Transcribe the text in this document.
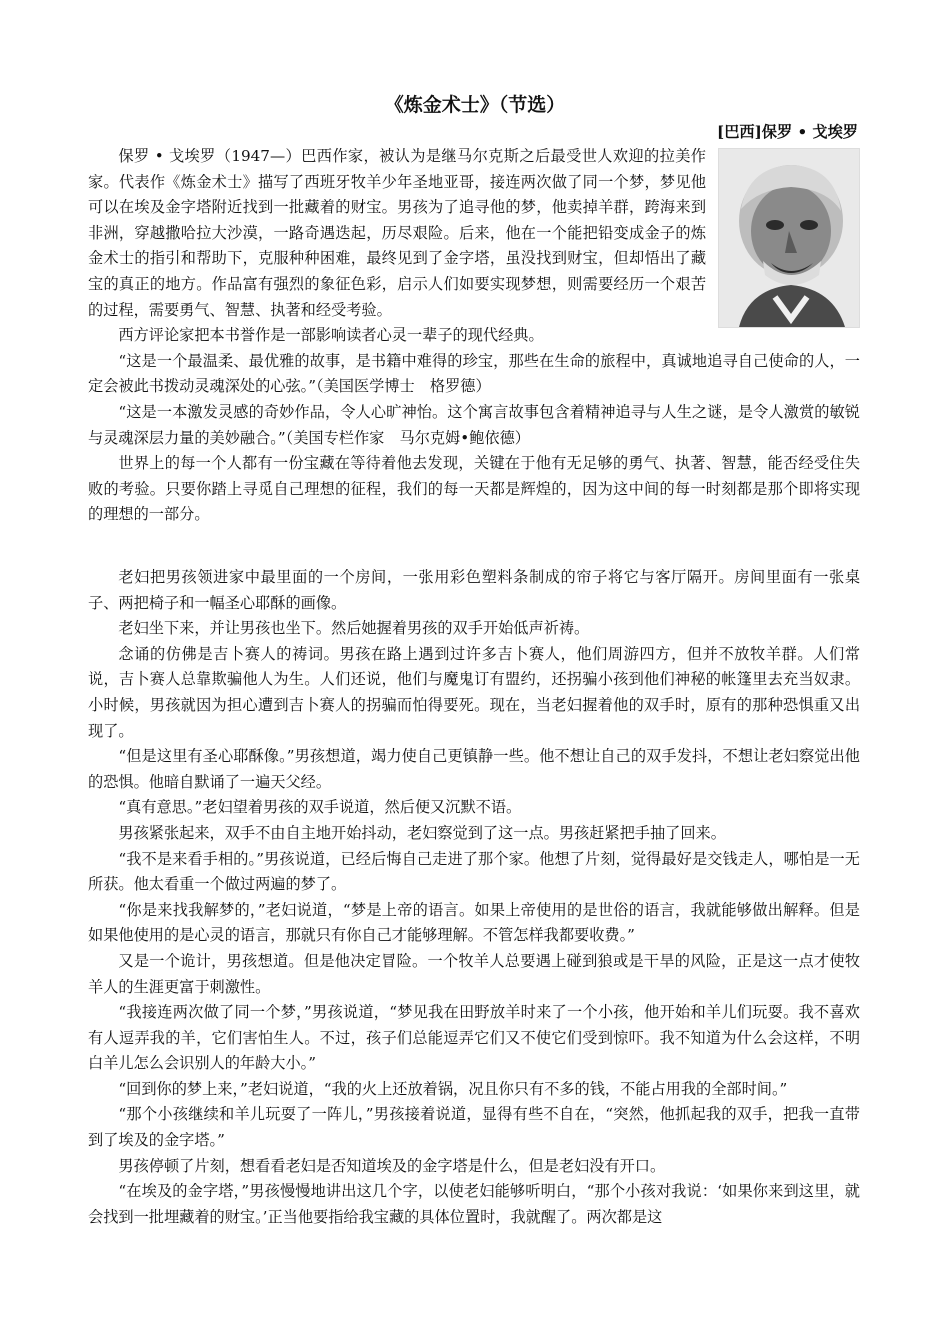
《炼金术士》（节选）
[巴西]保罗 • 戈埃罗

保罗 • 戈埃罗（1947—）巴西作家，被认为是继马尔克斯之后最受世人欢迎的拉美作家。代表作《炼金术士》描写了西班牙牧羊少年圣地亚哥，接连两次做了同一个梦，梦见他可以在埃及金字塔附近找到一批藏着的财宝。男孩为了追寻他的梦，他卖掉羊群，跨海来到非洲，穿越撒哈拉大沙漠，一路奇遇迭起，历尽艰险。后来，他在一个能把铅变成金子的炼金术士的指引和帮助下，克服种种困难，最终见到了金字塔，虽没找到财宝，但却悟出了藏宝的真正的地方。作品富有强烈的象征色彩，启示人们如要实现梦想，则需要经历一个艰苦的过程，需要勇气、智慧、执著和经受考验。

西方评论家把本书誉作是一部影响读者心灵一辈子的现代经典。

“这是一个最温柔、最优雅的故事，是书籍中难得的珍宝，那些在生命的旅程中，真诚地追寻自己使命的人，一定会被此书拨动灵魂深处的心弦。”（美国医学博士　格罗德）

“这是一本激发灵感的奇妙作品，令人心旷神怡。这个寓言故事包含着精神追寻与人生之谜，是令人激赏的敏锐与灵魂深层力量的美妙融合。”（美国专栏作家　马尔克姆•鲍依德）

世界上的每一个人都有一份宝藏在等待着他去发现，关键在于他有无足够的勇气、执著、智慧，能否经受住失败的考验。只要你踏上寻觅自己理想的征程，我们的每一天都是辉煌的，因为这中间的每一时刻都是那个即将实现的理想的一部分。

老妇把男孩领进家中最里面的一个房间，一张用彩色塑料条制成的帘子将它与客厅隔开。房间里面有一张桌子、两把椅子和一幅圣心耶酥的画像。

老妇坐下来，并让男孩也坐下。然后她握着男孩的双手开始低声祈祷。

念诵的仿佛是吉卜赛人的祷词。男孩在路上遇到过许多吉卜赛人，他们周游四方，但并不放牧羊群。人们常说，吉卜赛人总靠欺骗他人为生。人们还说，他们与魔鬼订有盟约，还拐骗小孩到他们神秘的帐篷里去充当奴隶。小时候，男孩就因为担心遭到吉卜赛人的拐骗而怕得要死。现在，当老妇握着他的双手时，原有的那种恐惧重又出现了。

“但是这里有圣心耶酥像。”男孩想道，竭力使自己更镇静一些。他不想让自己的双手发抖，不想让老妇察觉出他的恐惧。他暗自默诵了一遍天父经。

“真有意思。”老妇望着男孩的双手说道，然后便又沉默不语。

男孩紧张起来，双手不由自主地开始抖动，老妇察觉到了这一点。男孩赶紧把手抽了回来。

“我不是来看手相的。”男孩说道，已经后悔自己走进了那个家。他想了片刻，觉得最好是交钱走人，哪怕是一无所获。他太看重一个做过两遍的梦了。

“你是来找我解梦的，”老妇说道，“梦是上帝的语言。如果上帝使用的是世俗的语言，我就能够做出解释。但是如果他使用的是心灵的语言，那就只有你自己才能够理解。不管怎样我都要收费。”

又是一个诡计，男孩想道。但是他决定冒险。一个牧羊人总要遇上碰到狼或是干旱的风险，正是这一点才使牧羊人的生涯更富于刺激性。

“我接连两次做了同一个梦，”男孩说道，“梦见我在田野放羊时来了一个小孩，他开始和羊儿们玩耍。我不喜欢有人逗弄我的羊，它们害怕生人。不过，孩子们总能逗弄它们又不使它们受到惊吓。我不知道为什么会这样，不明白羊儿怎么会识别人的年龄大小。”

“回到你的梦上来，”老妇说道，“我的火上还放着锅，况且你只有不多的钱，不能占用我的全部时间。”

“那个小孩继续和羊儿玩耍了一阵儿，”男孩接着说道，显得有些不自在，“突然，他抓起我的双手，把我一直带到了埃及的金字塔。”

男孩停顿了片刻，想看看老妇是否知道埃及的金字塔是什么，但是老妇没有开口。

“在埃及的金字塔，”男孩慢慢地讲出这几个字，以使老妇能够听明白，“那个小孩对我说：‘如果你来到这里，就会找到一批埋藏着的财宝。’正当他要指给我宝藏的具体位置时，我就醒了。两次都是这
